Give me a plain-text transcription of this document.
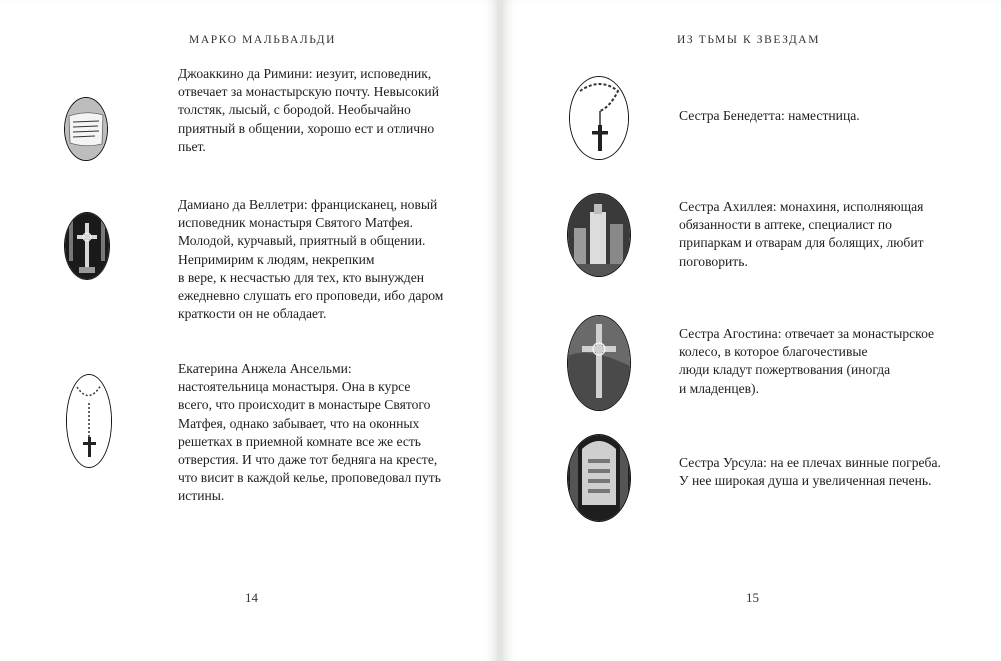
МАРКО МАЛЬВАЛЬДИ
Джоаккино да Римини: иезуит, исповедник,
отвечает за монастырскую почту. Невысокий
толстяк, лысый, с бородой. Необычайно
приятный в общении, хорошо ест и отлично
пьет.
Дамиано да Веллетри: францисканец, новый
исповедник монастыря Святого Матфея.
Молодой, курчавый, приятный в общении.
Непримирим к людям, некрепким
в вере, к несчастью для тех, кто вынужден
ежедневно слушать его проповеди, ибо даром
краткости он не обладает.
Екатерина Анжела Ансельми:
настоятельница монастыря. Она в курсе
всего, что происходит в монастыре Святого
Матфея, однако забывает, что на оконных
решетках в приемной комнате все же есть
отверстия. И что даже тот бедняга на кресте,
что висит в каждой келье, проповедовал путь
истины.
14
ИЗ ТЬМЫ К ЗВЕЗДАМ
Сестра Бенедетта: наместница.
Сестра Ахиллея: монахиня, исполняющая
обязанности в аптеке, специалист по
припаркам и отварам для болящих, любит
поговорить.
Сестра Агостина: отвечает за монастырское
колесо, в которое благочестивые
люди кладут пожертвования (иногда
и младенцев).
Сестра Урсула: на ее плечах винные погреба.
У нее широкая душа и увеличенная печень.
15
